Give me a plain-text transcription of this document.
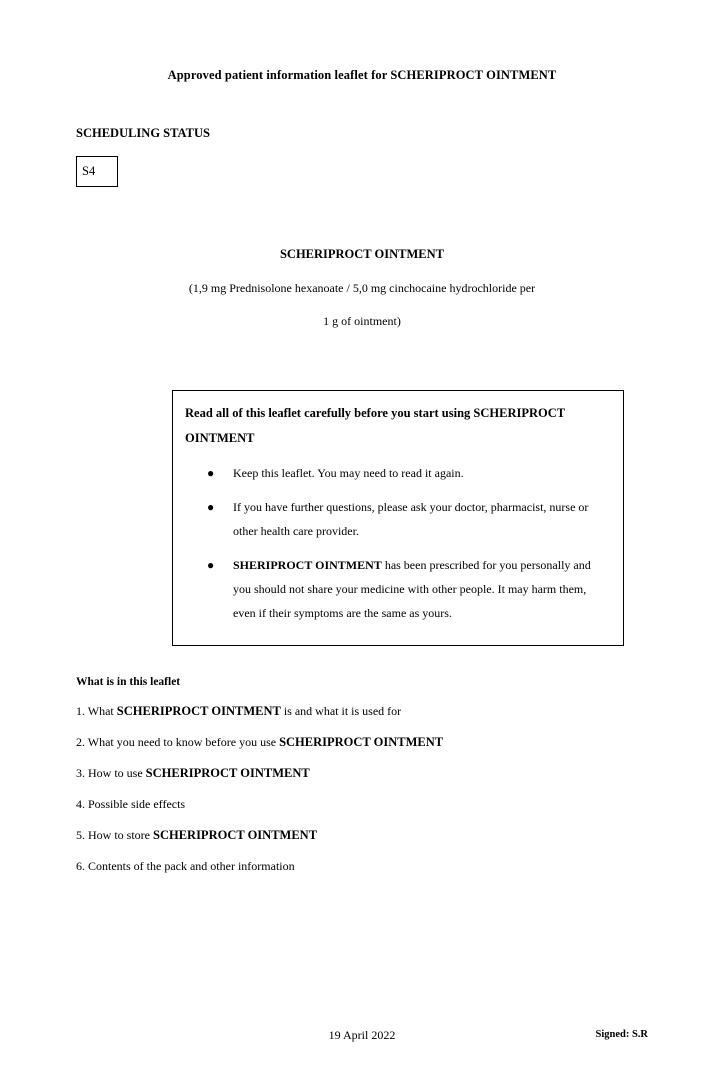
Approved patient information leaflet for SCHERIPROCT OINTMENT
SCHEDULING STATUS
S4
SCHERIPROCT OINTMENT
(1,9 mg Prednisolone hexanoate / 5,0 mg cinchocaine hydrochloride per
1 g of ointment)
Read all of this leaflet carefully before you start using SCHERIPROCT OINTMENT
● Keep this leaflet. You may need to read it again.
● If you have further questions, please ask your doctor, pharmacist, nurse or other health care provider.
● SHERIPROCT OINTMENT has been prescribed for you personally and you should not share your medicine with other people. It may harm them, even if their symptoms are the same as yours.
What is in this leaflet
1. What SCHERIPROCT OINTMENT is and what it is used for
2. What you need to know before you use SCHERIPROCT OINTMENT
3. How to use SCHERIPROCT OINTMENT
4. Possible side effects
5. How to store SCHERIPROCT OINTMENT
6. Contents of the pack and other information
19 April 2022	Signed: S.R
